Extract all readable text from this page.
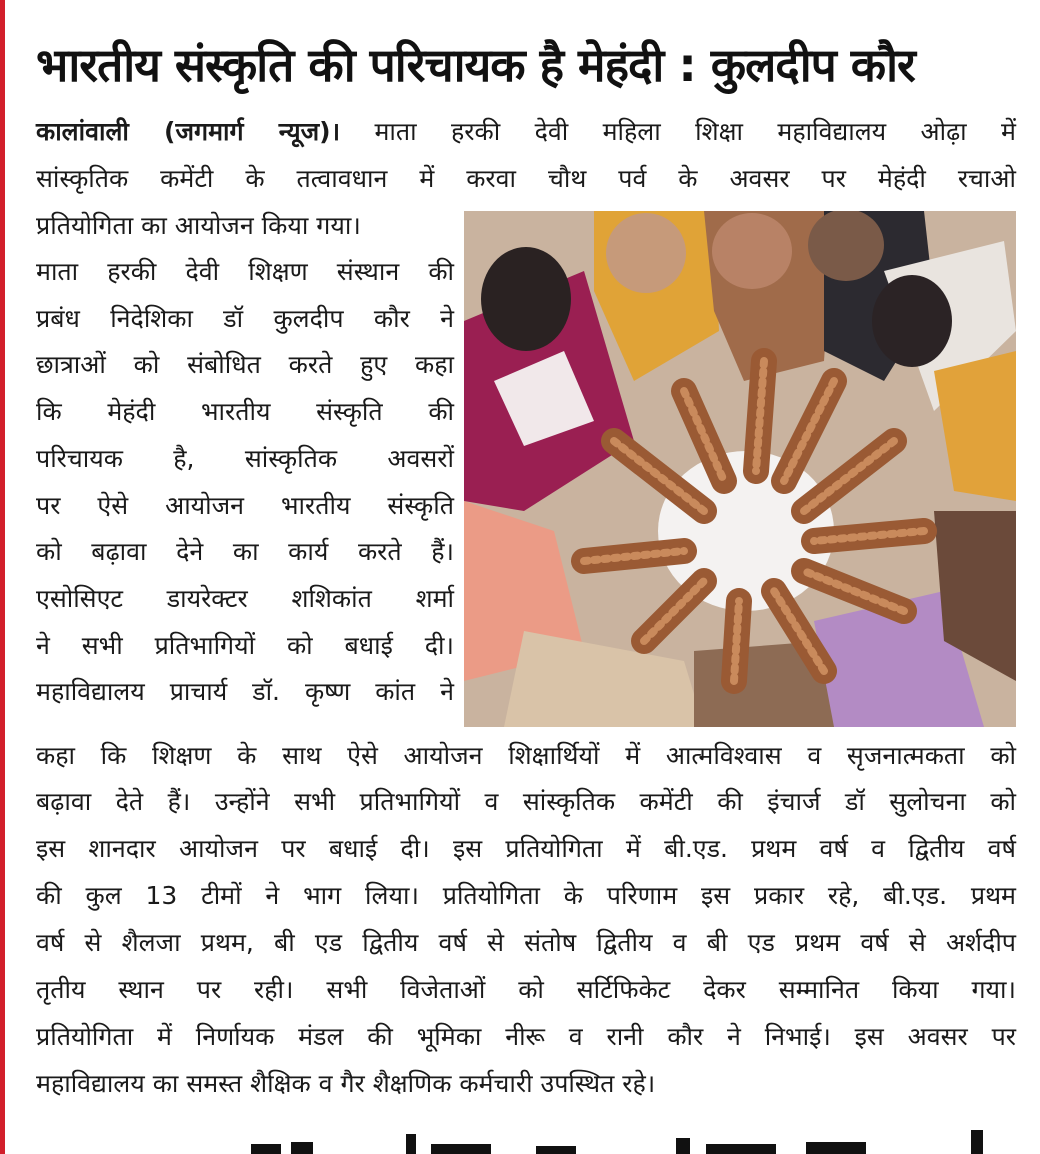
भारतीय संस्कृति की परिचायक है मेहंदी : कुलदीप कौर

कालांवाली (जगमार्ग न्यूज)। माता हरकी देवी महिला शिक्षा महाविद्यालय ओढ़ा में

सांस्कृतिक कमेंटी के तत्वावधान में करवा चौथ पर्व के अवसर पर मेहंदी रचाओ

प्रतियोगिता का आयोजन किया गया।

माता हरकी देवी शिक्षण संस्थान की

प्रबंध निदेशिका डॉ कुलदीप कौर ने

छात्राओं को संबोधित करते हुए कहा

कि मेहंदी भारतीय संस्कृति की

परिचायक है, सांस्कृतिक अवसरों

पर ऐसे आयोजन भारतीय संस्कृति

को बढ़ावा देने का कार्य करते हैं।

एसोसिएट डायरेक्टर शशिकांत शर्मा

ने सभी प्रतिभागियों को बधाई दी।

महाविद्यालय प्राचार्य डॉ. कृष्ण कांत ने

कहा कि शिक्षण के साथ ऐसे आयोजन शिक्षार्थियों में आत्मविश्वास व सृजनात्मकता को

बढ़ावा देते हैं। उन्होंने सभी प्रतिभागियों व सांस्कृतिक कमेंटी की इंचार्ज डॉ सुलोचना को

इस शानदार आयोजन पर बधाई दी। इस प्रतियोगिता में बी.एड. प्रथम वर्ष व द्वितीय वर्ष

की कुल 13 टीमों ने भाग लिया। प्रतियोगिता के परिणाम इस प्रकार रहे, बी.एड. प्रथम

वर्ष से शैलजा प्रथम, बी एड द्वितीय वर्ष से संतोष द्वितीय व बी एड प्रथम वर्ष से अर्शदीप

तृतीय स्थान पर रही। सभी विजेताओं को सर्टिफिकेट देकर सम्मानित किया गया।

प्रतियोगिता में निर्णायक मंडल की भूमिका नीरू व रानी कौर ने निभाई। इस अवसर पर

महाविद्यालय का समस्त शैक्षिक व गैर शैक्षणिक कर्मचारी उपस्थित रहे।
